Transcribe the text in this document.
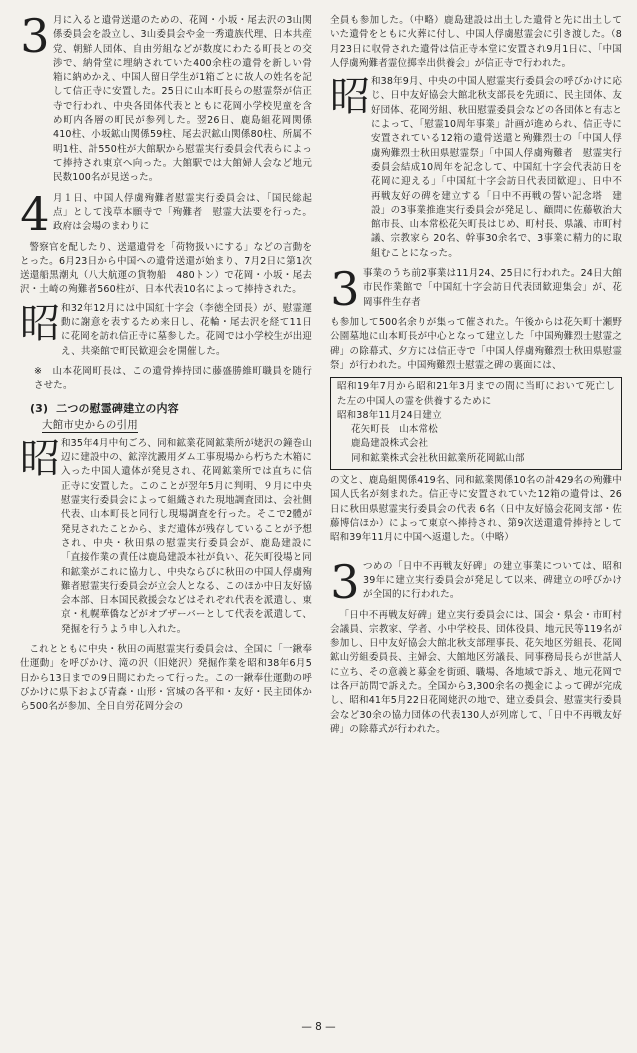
3 月に入ると遺骨送還のための、花岡・小坂・尾去沢の3山関係委員会を設立し、3山委員会や金一秀遺族代理、日本共産党、朝鮮人団体、自由労組などが数度にわたる町長との交渉で、納骨堂に埋納されていた400余柱の遺骨を新しい骨箱に納めかえ、中国人留日学生が1箱ごとに故人の姓名を記して信正寺に安置した。25日に山本町長らの慰霊祭が信正寺で行われ、中央各団体代表とともに花岡小学校児童を含め町内各層の町民が参列した。翌26日、鹿島組花岡関係410柱、小坂鉱山関係59柱、尾去沢鉱山関係80柱、所属不明1柱、計550柱が大館駅から慰霊実行委員会代表らによって捧持され東京へ向った。大館駅では大館婦人会など地元民数100名が見送った。
4 月１日、中国人俘虜殉難者慰霊実行委員会は、「国民総起点」として浅草本願寺で「殉難者　慰霊大法要を行った。政府は会場のまわりに

警察官を配したり、送還遺骨を「荷物扱いにする」などの言動をとった。6月23日から中国への遺骨送還が始まり、7月2日に第1次送還船黒潮丸（八大航運の貨物船　480トン）で花岡・小坂・尾去沢・土崎の殉難者560柱が、日本代表10名によって捧持された。

昭 和32年12月には中国紅十字会（李徳全団長）が、慰霊運動に謝意を表するため来日し、花輪・尾去沢を経て11日に花岡を訪れ信正寺に墓参した。花岡では小学校生が出迎え、共楽館で町民歓迎会を開催した。

※　山本花岡町長は、この遺骨捧持団に藤盛勝維町職員を随行させた。

(3) 二つの慰霊碑建立の内容
大館市史からの引用
昭 和35年4月中旬ごろ、同和鉱業花岡鉱業所が姥沢の鐘巻山辺に建設中の、鉱滓沈澱用ダム工事現場から朽ちた木箱に入った中国人遺体が発見され、花岡鉱業所では直ちに信正寺に安置した。このことが翌年5月に判明、９月に中央慰霊実行委員会によって組織された現地調査団は、会社側代表、山本町長と同行し現場調査を行った。そこで2體が発見されたことから、まだ遺体が残存していることが予想され、中央・秋田県の慰霊実行委員会が、鹿島建設に「直接作業の責任は鹿島建設本社が負い、花矢町役場と同和鉱業がこれに協力し、中央ならびに秋田の中国人俘虜殉難者慰霊実行委員会が立会人となる、このほか中日友好協会本部、日本国民救援会などはそれぞれ代表を派遣し、東京・札幌華僑などがオブザーバーとして代表を派遣して、発掘を行うよう申し入れた。

これとともに中央・秋田の両慰霊実行委員会は、全国に「一鍬奉仕運動」を呼びかけ、滝の沢（旧姥沢）発掘作業を昭和38年6月5日から13日までの9日間にわたって行った。この一鍬奉仕運動の呼びかけに県下および青森・山形・宮城の各平和・友好・民主団体から500名が参加、全日自労花岡分会の

全員も参加した。（中略）鹿島建設は出土した遺骨と先に出土していた遺骨をともに火葬に付し、中国人俘虜慰霊会に引き渡した。（8月23日に収骨された遺骨は信正寺本堂に安置され9月1日に、「中国人俘虜殉難者霊位掷幸出供養会」が信正寺で行われた。

昭 和38年9月、中央の中国人慰霊実行委員会の呼びかけに応じ、日中友好協会大館北秋支部長を先頭に、民主団体、友好団体、花岡労組、秋田慰霊委員会などの各団体と有志とによって、「慰霊10周年事業」計画が進められ、信正寺に安置されている12箱の遺骨送還と殉難烈士の「中国人俘虜殉難烈士秋田県慰霊祭」「中国人俘虜殉難者　慰霊実行委員会結成10周年を記念して、中国紅十字会代表訪日を花岡に迎える」「中国紅十字会訪日代表団歓迎」、日中不再戦友好の碑を建立する「日中不再戦の誓い記念塔　建設」の3事業推進実行委員会が発足し、顧問に佐藤敬治大館市長、山本常松花矢町長はじめ、町村長、県議、市町村議、宗教家ら 20名、幹事30余名で、3事業に精力的に取組むことになった。
3 事業のうち前2事業は11月24、25日に行われた。24日大館市民作業館で「中国紅十字会訪日代表団歓迎集会」が、花岡事件生存者

も参加して500名余りが集って催された。午後からは花矢町十瀬野公園墓地に山本町長が中心となって建立した「中国殉難烈士慰霊之碑」の除幕式、夕方には信正寺で「中国人俘虜殉難烈士秋田県慰霊祭」が行われた。中国殉難烈士慰霊之碑の裏面には、

昭和19年7月から昭和21年3月までの間に当町において死亡した左の中国人の霊を供養するために
昭和38年11月24日建立
花矢町長　山本常松
鹿島建設株式会社
同和鉱業株式会社秋田鉱業所花岡鉱山部

の文と、鹿島組関係419名、同和鉱業関係10名の計429名の殉難中国人氏名が刻まれた。信正寺に安置されていた12箱の遺骨は、26日に秋田県慰霊実行委員会の代表 6名（日中友好協会花岡支部・佐藤博信ほか）によって東京へ捧持され、第9次送還遺骨捧持として昭和39年11月に中国へ返還した。（中略）

3 つめの「日中不再戦友好碑」の建立事業については、昭和39年に建立実行委員会が発足して以来、碑建立の呼びかけが全国的に行われた。

「日中不再戦友好碑」建立実行委員会には、国会・県会・市町村会議員、宗教家、学者、小中学校長、団体役員、地元民等119名が参加し、日中友好協会大館北秋支部理事長、花矢地区労組長、花岡鉱山労組委員長、主婦会、大館地区労議長、同事務局長らが世話人に立ち、その意義と募金を街頭、職場、各地域で訴え、地元花岡では各戸訪問で訴えた。全国から3,300余名の拠金によって碑が完成し、昭和41年5月22日花岡姥沢の地で、建立委員会、慰霊実行委員会など30余の協力団体の代表130人が列席して、「日中不再戦友好碑」の除幕式が行われた。

— 8 —
